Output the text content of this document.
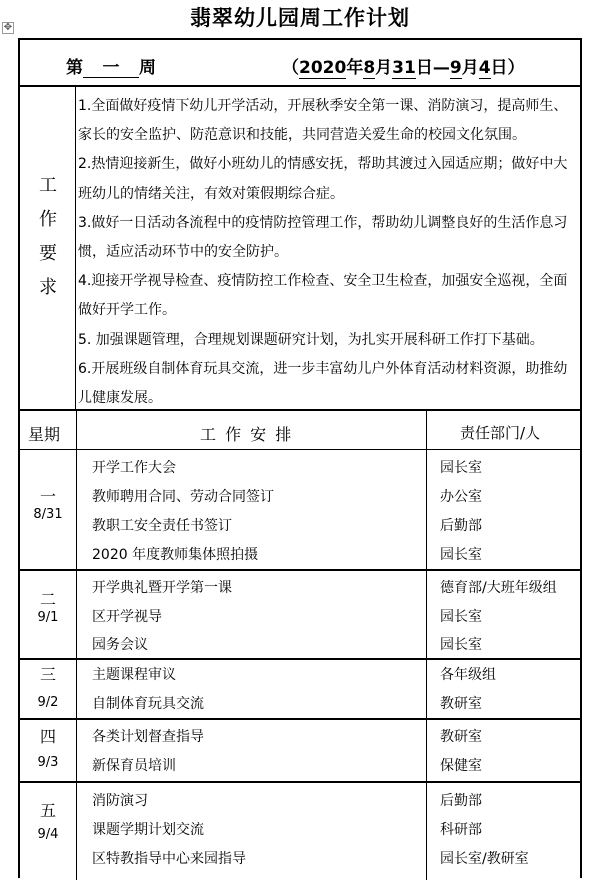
✥	翡翠幼儿园周工作计划
第 一 周	（2020年8月31日—9月4日）
工
作
要
求

1.全面做好疫情下幼儿开学活动，开展秋季安全第一课、消防演习，提高师生、家长的安全监护、防范意识和技能，共同营造关爱生命的校园文化氛围。

2.热情迎接新生，做好小班幼儿的情感安抚，帮助其渡过入园适应期；做好中大班幼儿的情绪关注，有效对策假期综合症。

3.做好一日活动各流程中的疫情防控管理工作，帮助幼儿调整良好的生活作息习惯，适应活动环节中的安全防护。

4.迎接开学视导检查、疫情防控工作检查、安全卫生检查，加强安全巡视，全面做好开学工作。

5. 加强课题管理，合理规划课题研究计划，为扎实开展科研工作打下基础。

6.开展班级自制体育玩具交流，进一步丰富幼儿户外体育活动材料资源，助推幼儿健康发展。

星期	工 作 安 排	责任部门/人
一
8/31
开学工作大会	园长室
教师聘用合同、劳动合同签订	办公室
教职工安全责任书签订	后勤部
2020 年度教师集体照拍摄	园长室
二
9/1
开学典礼暨开学第一课	德育部/大班年级组
区开学视导	园长室
园务会议	园长室
三
9/2
主题课程审议	各年级组
自制体育玩具交流	教研室
四
9/3
各类计划督查指导	教研室
新保育员培训	保健室
五
9/4
消防演习	后勤部
课题学期计划交流	科研部
区特教指导中心来园指导	园长室/教研室
